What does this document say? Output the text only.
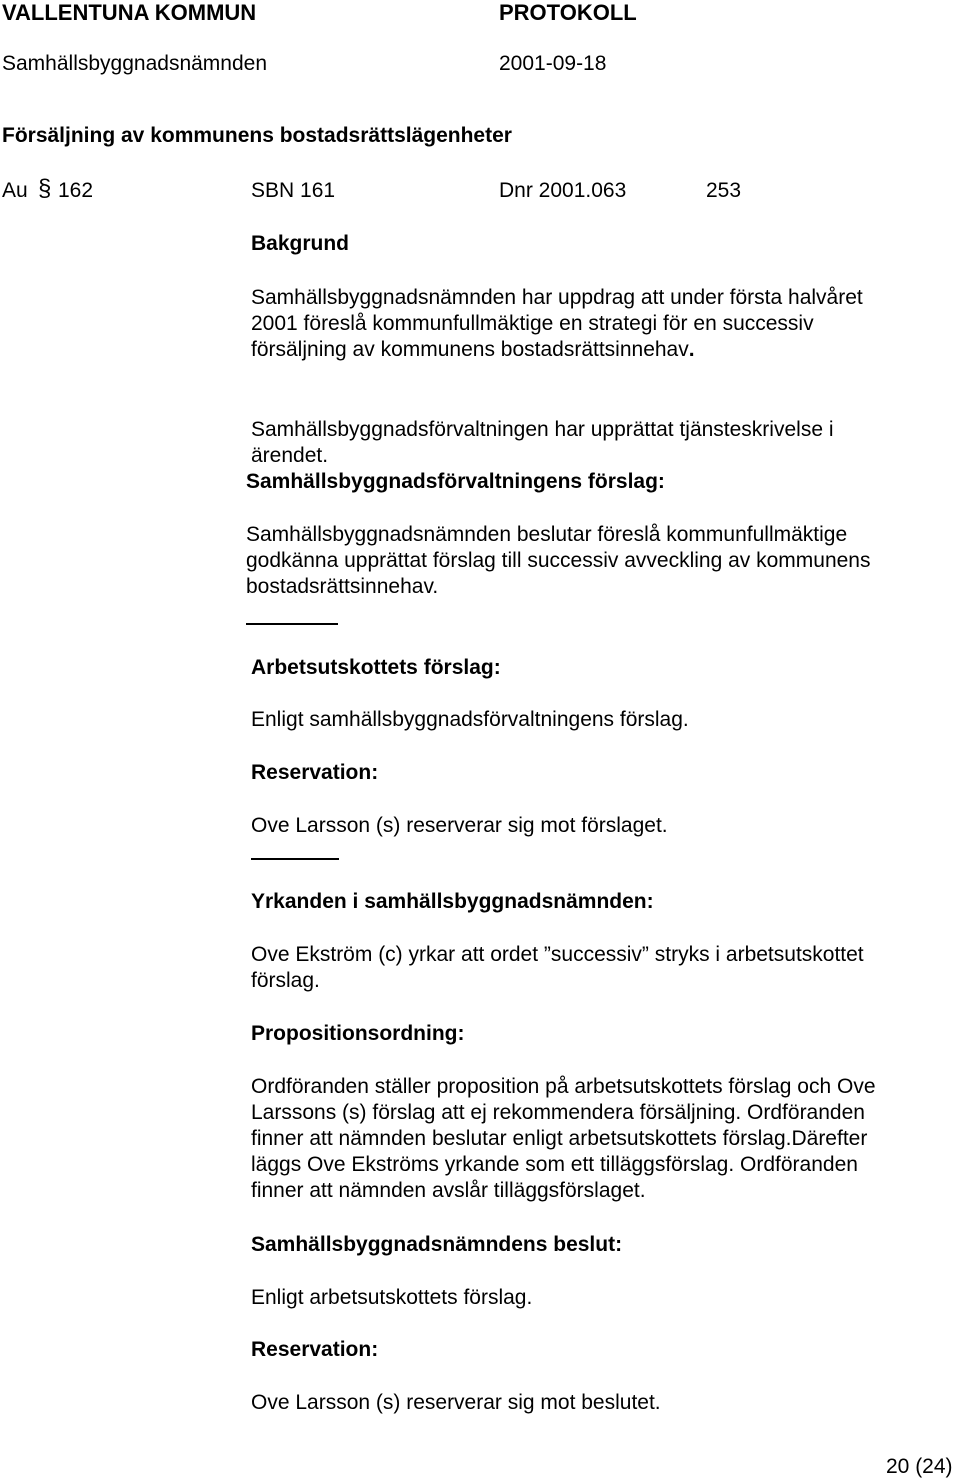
VALLENTUNA KOMMUN	PROTOKOLL
Samhällsbyggnadsnämnden	2001-09-18
Försäljning av kommunens bostadsrättslägenheter
Au § 162	SBN 161	Dnr 2001.063	253
Bakgrund
Samhällsbyggnadsnämnden har uppdrag att under första halvåret
2001 föreslå kommunfullmäktige en strategi för en successiv
försäljning av kommunens bostadsrättsinnehav.
Samhällsbyggnadsförvaltningen har upprättat tjänsteskrivelse i
ärendet.
Samhällsbyggnadsförvaltningens förslag:
Samhällsbyggnadsnämnden beslutar föreslå kommunfullmäktige
godkänna upprättat förslag till successiv avveckling av kommunens
bostadsrättsinnehav.
Arbetsutskottets förslag:
Enligt samhällsbyggnadsförvaltningens förslag.
Reservation:
Ove Larsson (s) reserverar sig mot förslaget.
Yrkanden i samhällsbyggnadsnämnden:
Ove Ekström (c) yrkar att ordet ”successiv” stryks i arbetsutskottet
förslag.
Propositionsordning:
Ordföranden ställer proposition på arbetsutskottets förslag och Ove
Larssons (s) förslag att ej rekommendera försäljning. Ordföranden
finner att nämnden beslutar enligt arbetsutskottets förslag.Därefter
läggs Ove Ekströms yrkande som ett tilläggsförslag. Ordföranden
finner att nämnden avslår tilläggsförslaget.
Samhällsbyggnadsnämndens beslut:
Enligt arbetsutskottets förslag.
Reservation:
Ove Larsson (s) reserverar sig mot beslutet.
20 (24)
